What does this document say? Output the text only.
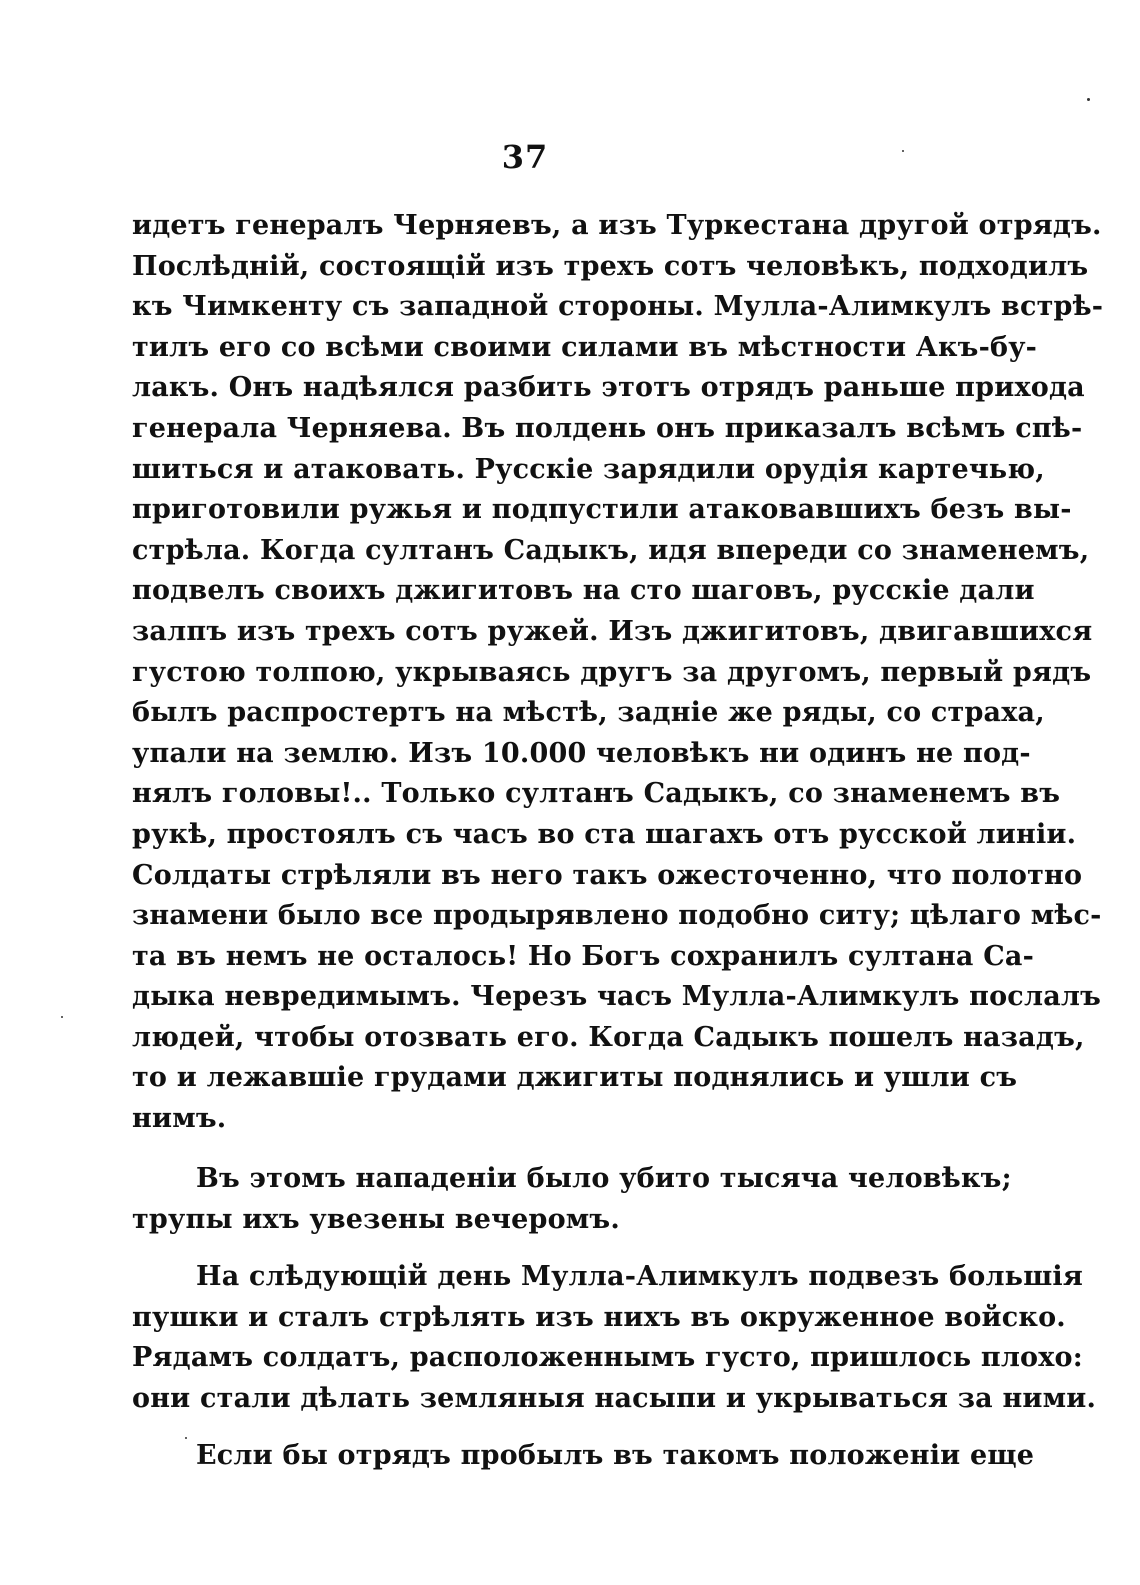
37
идетъ генералъ Черняевъ, а изъ Туркестана другой отрядъ.
Послѣдній, состоящій изъ трехъ сотъ человѣкъ, подходилъ
къ Чимкенту съ западной стороны. Мулла-Алимкулъ встрѣ-
тилъ его со всѣми своими силами въ мѣстности Акъ-бу-
лакъ. Онъ надѣялся разбить этотъ отрядъ раньше прихода
генерала Черняева. Въ полдень онъ приказалъ всѣмъ спѣ-
шиться и атаковать. Русскіе зарядили орудія картечью,
приготовили ружья и подпустили атаковавшихъ безъ вы-
стрѣла. Когда султанъ Садыкъ, идя впереди со знаменемъ,
подвелъ своихъ джигитовъ на сто шаговъ, русскіе дали
залпъ изъ трехъ сотъ ружей. Изъ джигитовъ, двигавшихся
густою толпою, укрываясь другъ за другомъ, первый рядъ
былъ распростертъ на мѣстѣ, задніе же ряды, со страха,
упали на землю. Изъ 10.000 человѣкъ ни одинъ не под-
нялъ головы!.. Только султанъ Садыкъ, со знаменемъ въ
рукѣ, простоялъ съ часъ во ста шагахъ отъ русской линіи.
Солдаты стрѣляли въ него такъ ожесточенно, что полотно
знамени было все продырявлено подобно ситу; цѣлаго мѣс-
та въ немъ не осталось! Но Богъ сохранилъ султана Са-
дыка невредимымъ. Черезъ часъ Мулла-Алимкулъ послалъ
людей, чтобы отозвать его. Когда Садыкъ пошелъ назадъ,
то и лежавшіе грудами джигиты поднялись и ушли съ
нимъ.
Въ этомъ нападеніи было убито тысяча человѣкъ;
трупы ихъ увезены вечеромъ.
На слѣдующій день Мулла-Алимкулъ подвезъ большія
пушки и сталъ стрѣлять изъ нихъ въ окруженное войско.
Рядамъ солдатъ, расположеннымъ густо, пришлось плохо:
они стали дѣлать земляныя насыпи и укрываться за ними.
Если бы отрядъ пробылъ въ такомъ положеніи еще
